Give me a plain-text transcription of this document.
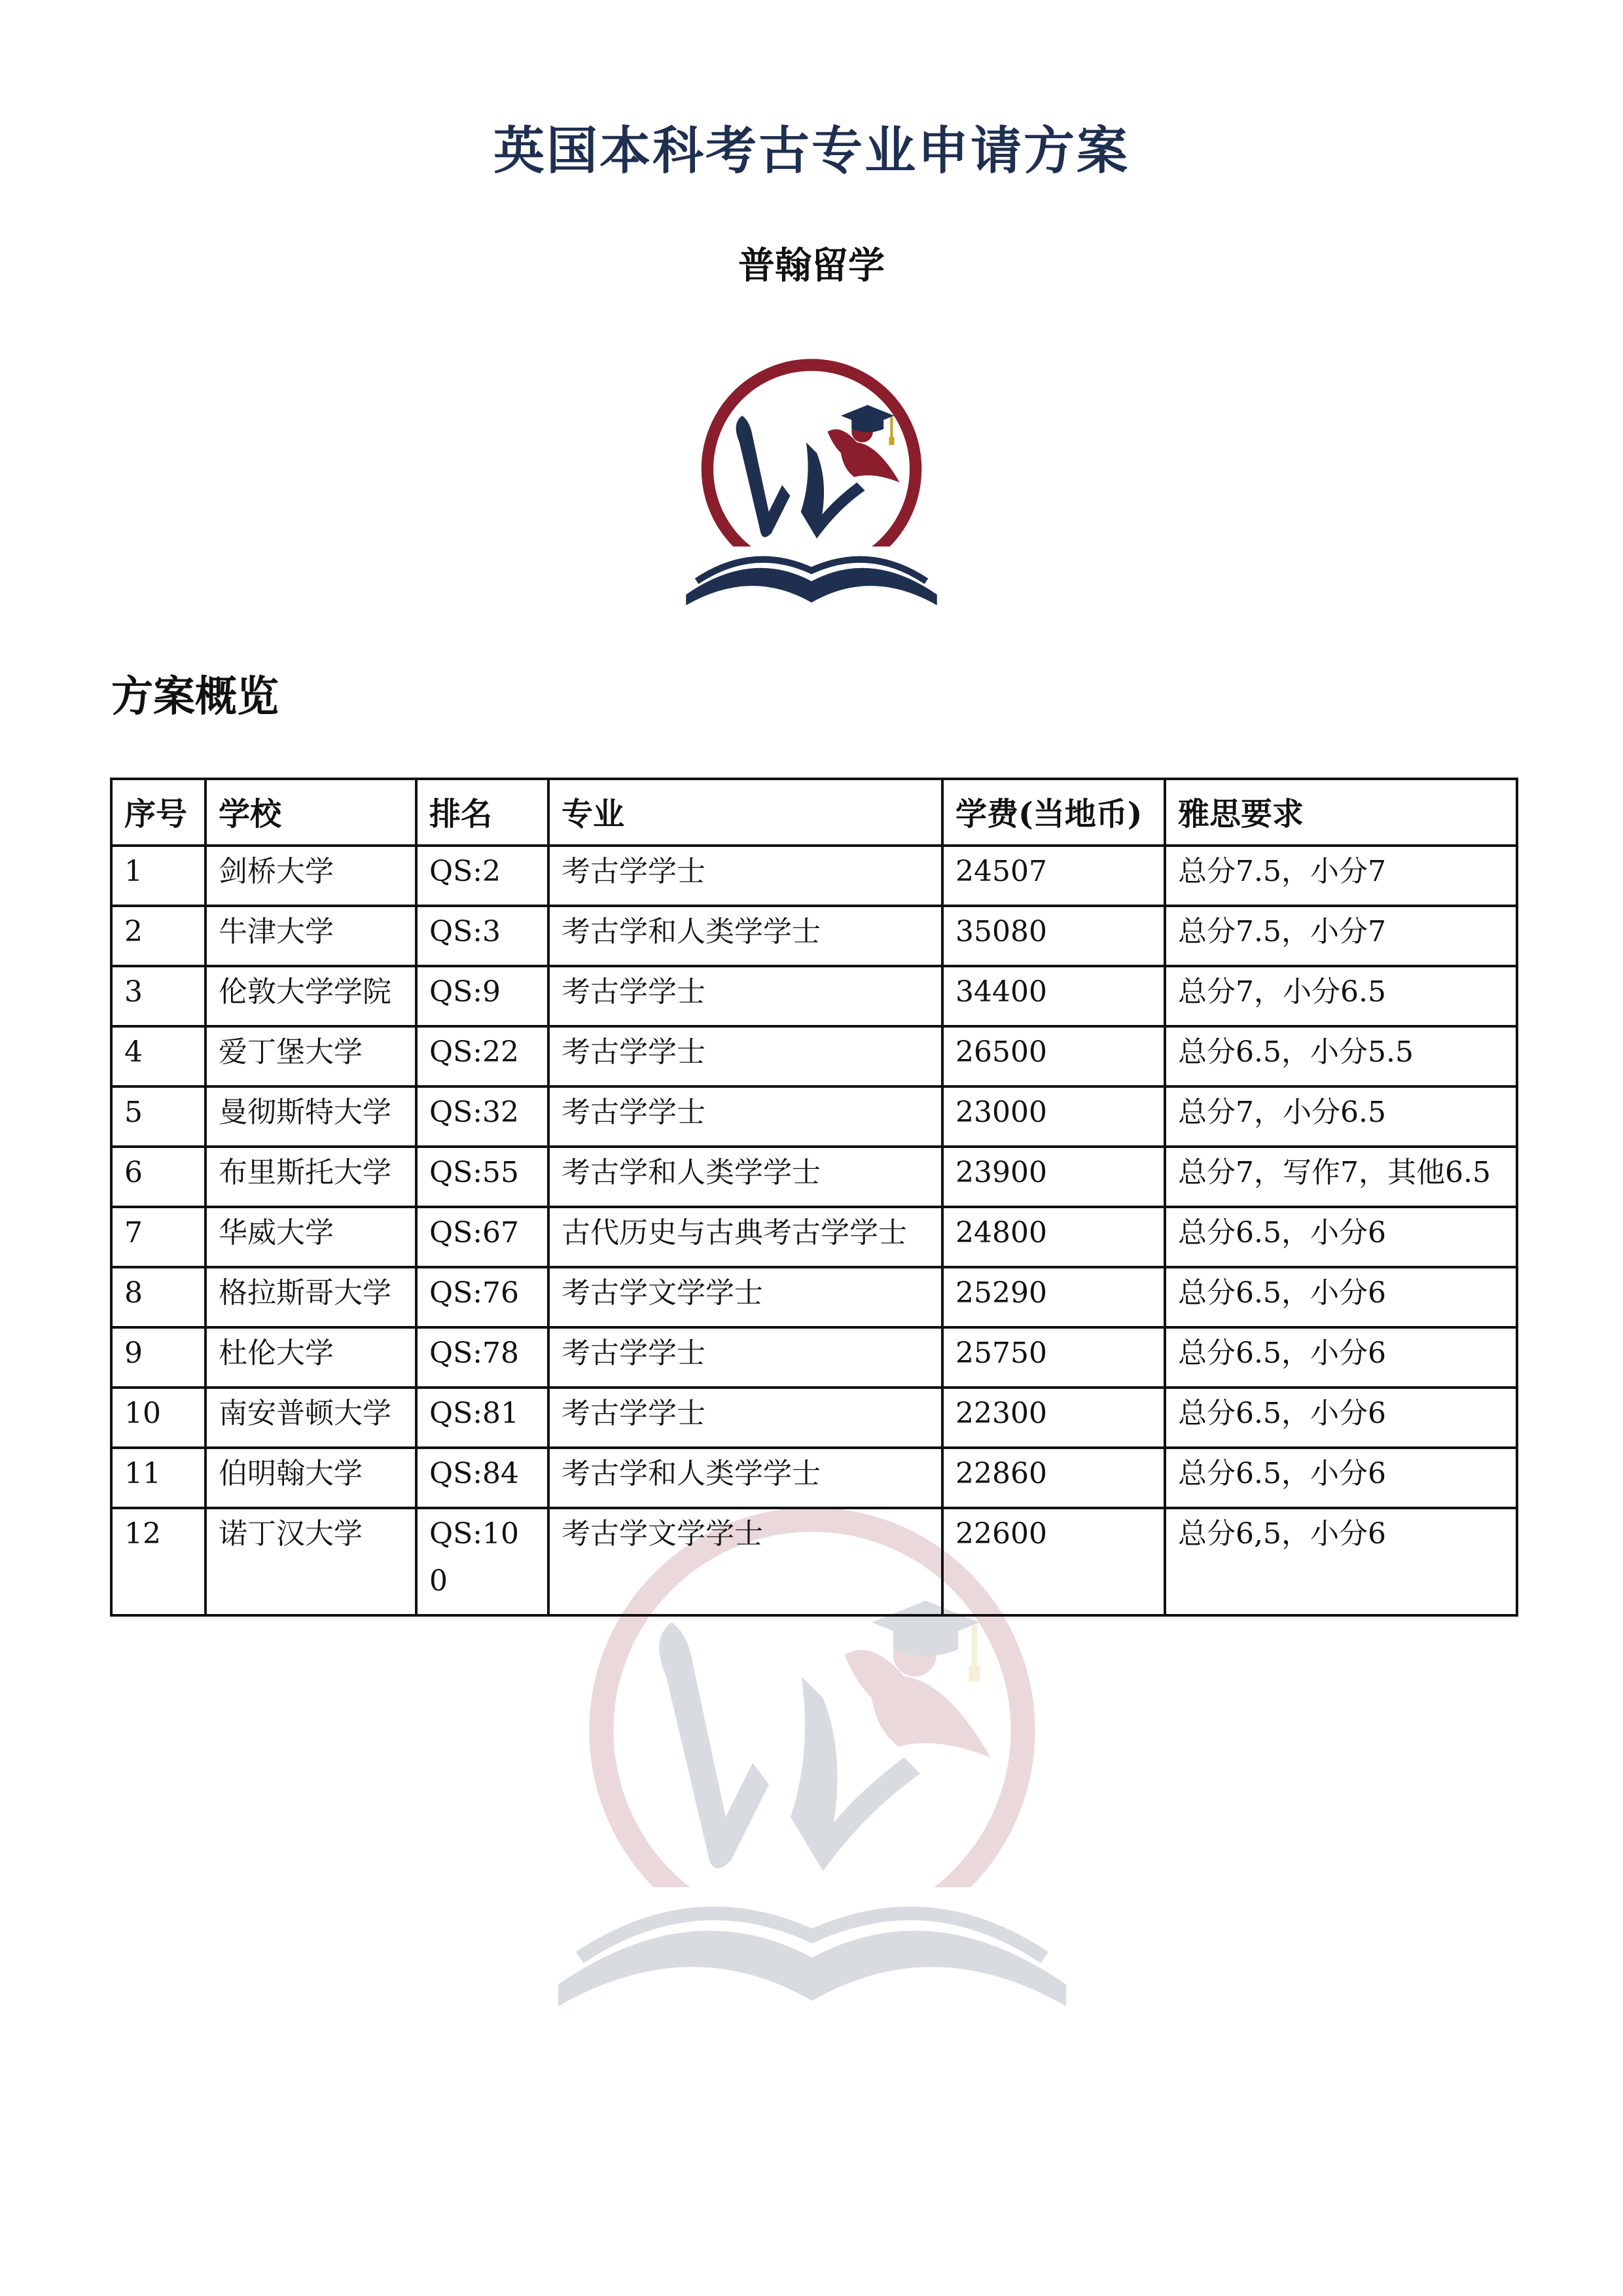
英国本科考古专业申请方案
普翰留学
方案概览
序号	学校	排名	专业	学费(当地币)	雅思要求
1	剑桥大学	QS:2	考古学学士	24507	总分7.5，小分7
2	牛津大学	QS:3	考古学和人类学学士	35080	总分7.5，小分7
3	伦敦大学学院	QS:9	考古学学士	34400	总分7，小分6.5
4	爱丁堡大学	QS:22	考古学学士	26500	总分6.5，小分5.5
5	曼彻斯特大学	QS:32	考古学学士	23000	总分7，小分6.5
6	布里斯托大学	QS:55	考古学和人类学学士	23900	总分7，写作7，其他6.5
7	华威大学	QS:67	古代历史与古典考古学学士	24800	总分6.5，小分6
8	格拉斯哥大学	QS:76	考古学文学学士	25290	总分6.5，小分6
9	杜伦大学	QS:78	考古学学士	25750	总分6.5，小分6
10	南安普顿大学	QS:81	考古学学士	22300	总分6.5，小分6
11	伯明翰大学	QS:84	考古学和人类学学士	22860	总分6.5，小分6
12	诺丁汉大学	QS:100	考古学文学学士	22600	总分6,5，小分6
